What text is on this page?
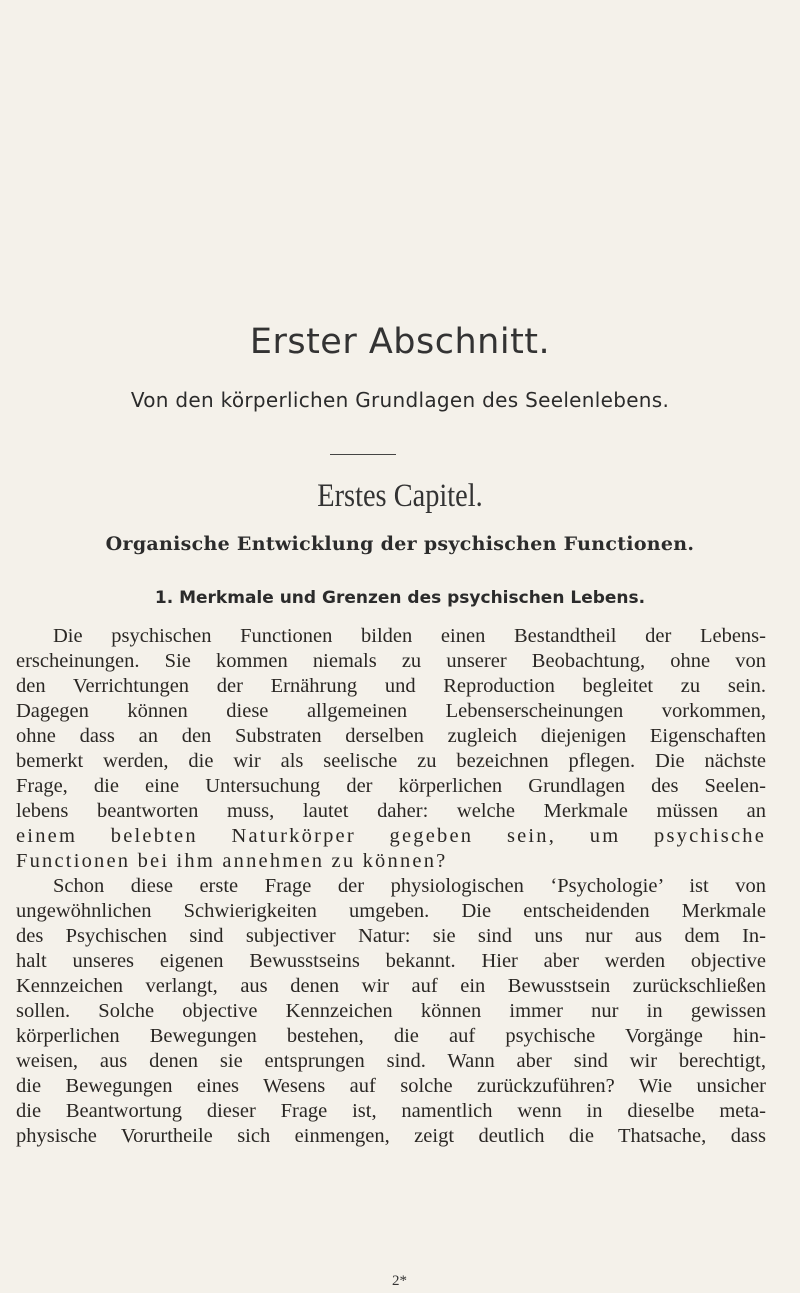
Erster Abschnitt.
Von den körperlichen Grundlagen des Seelenlebens.
Erstes Capitel.
Organische Entwicklung der psychischen Functionen.
1. Merkmale und Grenzen des psychischen Lebens.
Die psychischen Functionen bilden einen Bestandtheil der Lebens-
erscheinungen. Sie kommen niemals zu unserer Beobachtung, ohne von
den Verrichtungen der Ernährung und Reproduction begleitet zu sein.
Dagegen können diese allgemeinen Lebenserscheinungen vorkommen,
ohne dass an den Substraten derselben zugleich diejenigen Eigenschaften
bemerkt werden, die wir als seelische zu bezeichnen pflegen. Die nächste
Frage, die eine Untersuchung der körperlichen Grundlagen des Seelen-
lebens beantworten muss, lautet daher: welche Merkmale müssen an
einem belebten Naturkörper gegeben sein, um psychische
Functionen bei ihm annehmen zu können?
Schon diese erste Frage der physiologischen ‘Psychologie’ ist von
ungewöhnlichen Schwierigkeiten umgeben. Die entscheidenden Merkmale
des Psychischen sind subjectiver Natur: sie sind uns nur aus dem In-
halt unseres eigenen Bewusstseins bekannt. Hier aber werden objective
Kennzeichen verlangt, aus denen wir auf ein Bewusstsein zurückschließen
sollen. Solche objective Kennzeichen können immer nur in gewissen
körperlichen Bewegungen bestehen, die auf psychische Vorgänge hin-
weisen, aus denen sie entsprungen sind. Wann aber sind wir berechtigt,
die Bewegungen eines Wesens auf solche zurückzuführen? Wie unsicher
die Beantwortung dieser Frage ist, namentlich wenn in dieselbe meta-
physische Vorurtheile sich einmengen, zeigt deutlich die Thatsache, dass
2*
